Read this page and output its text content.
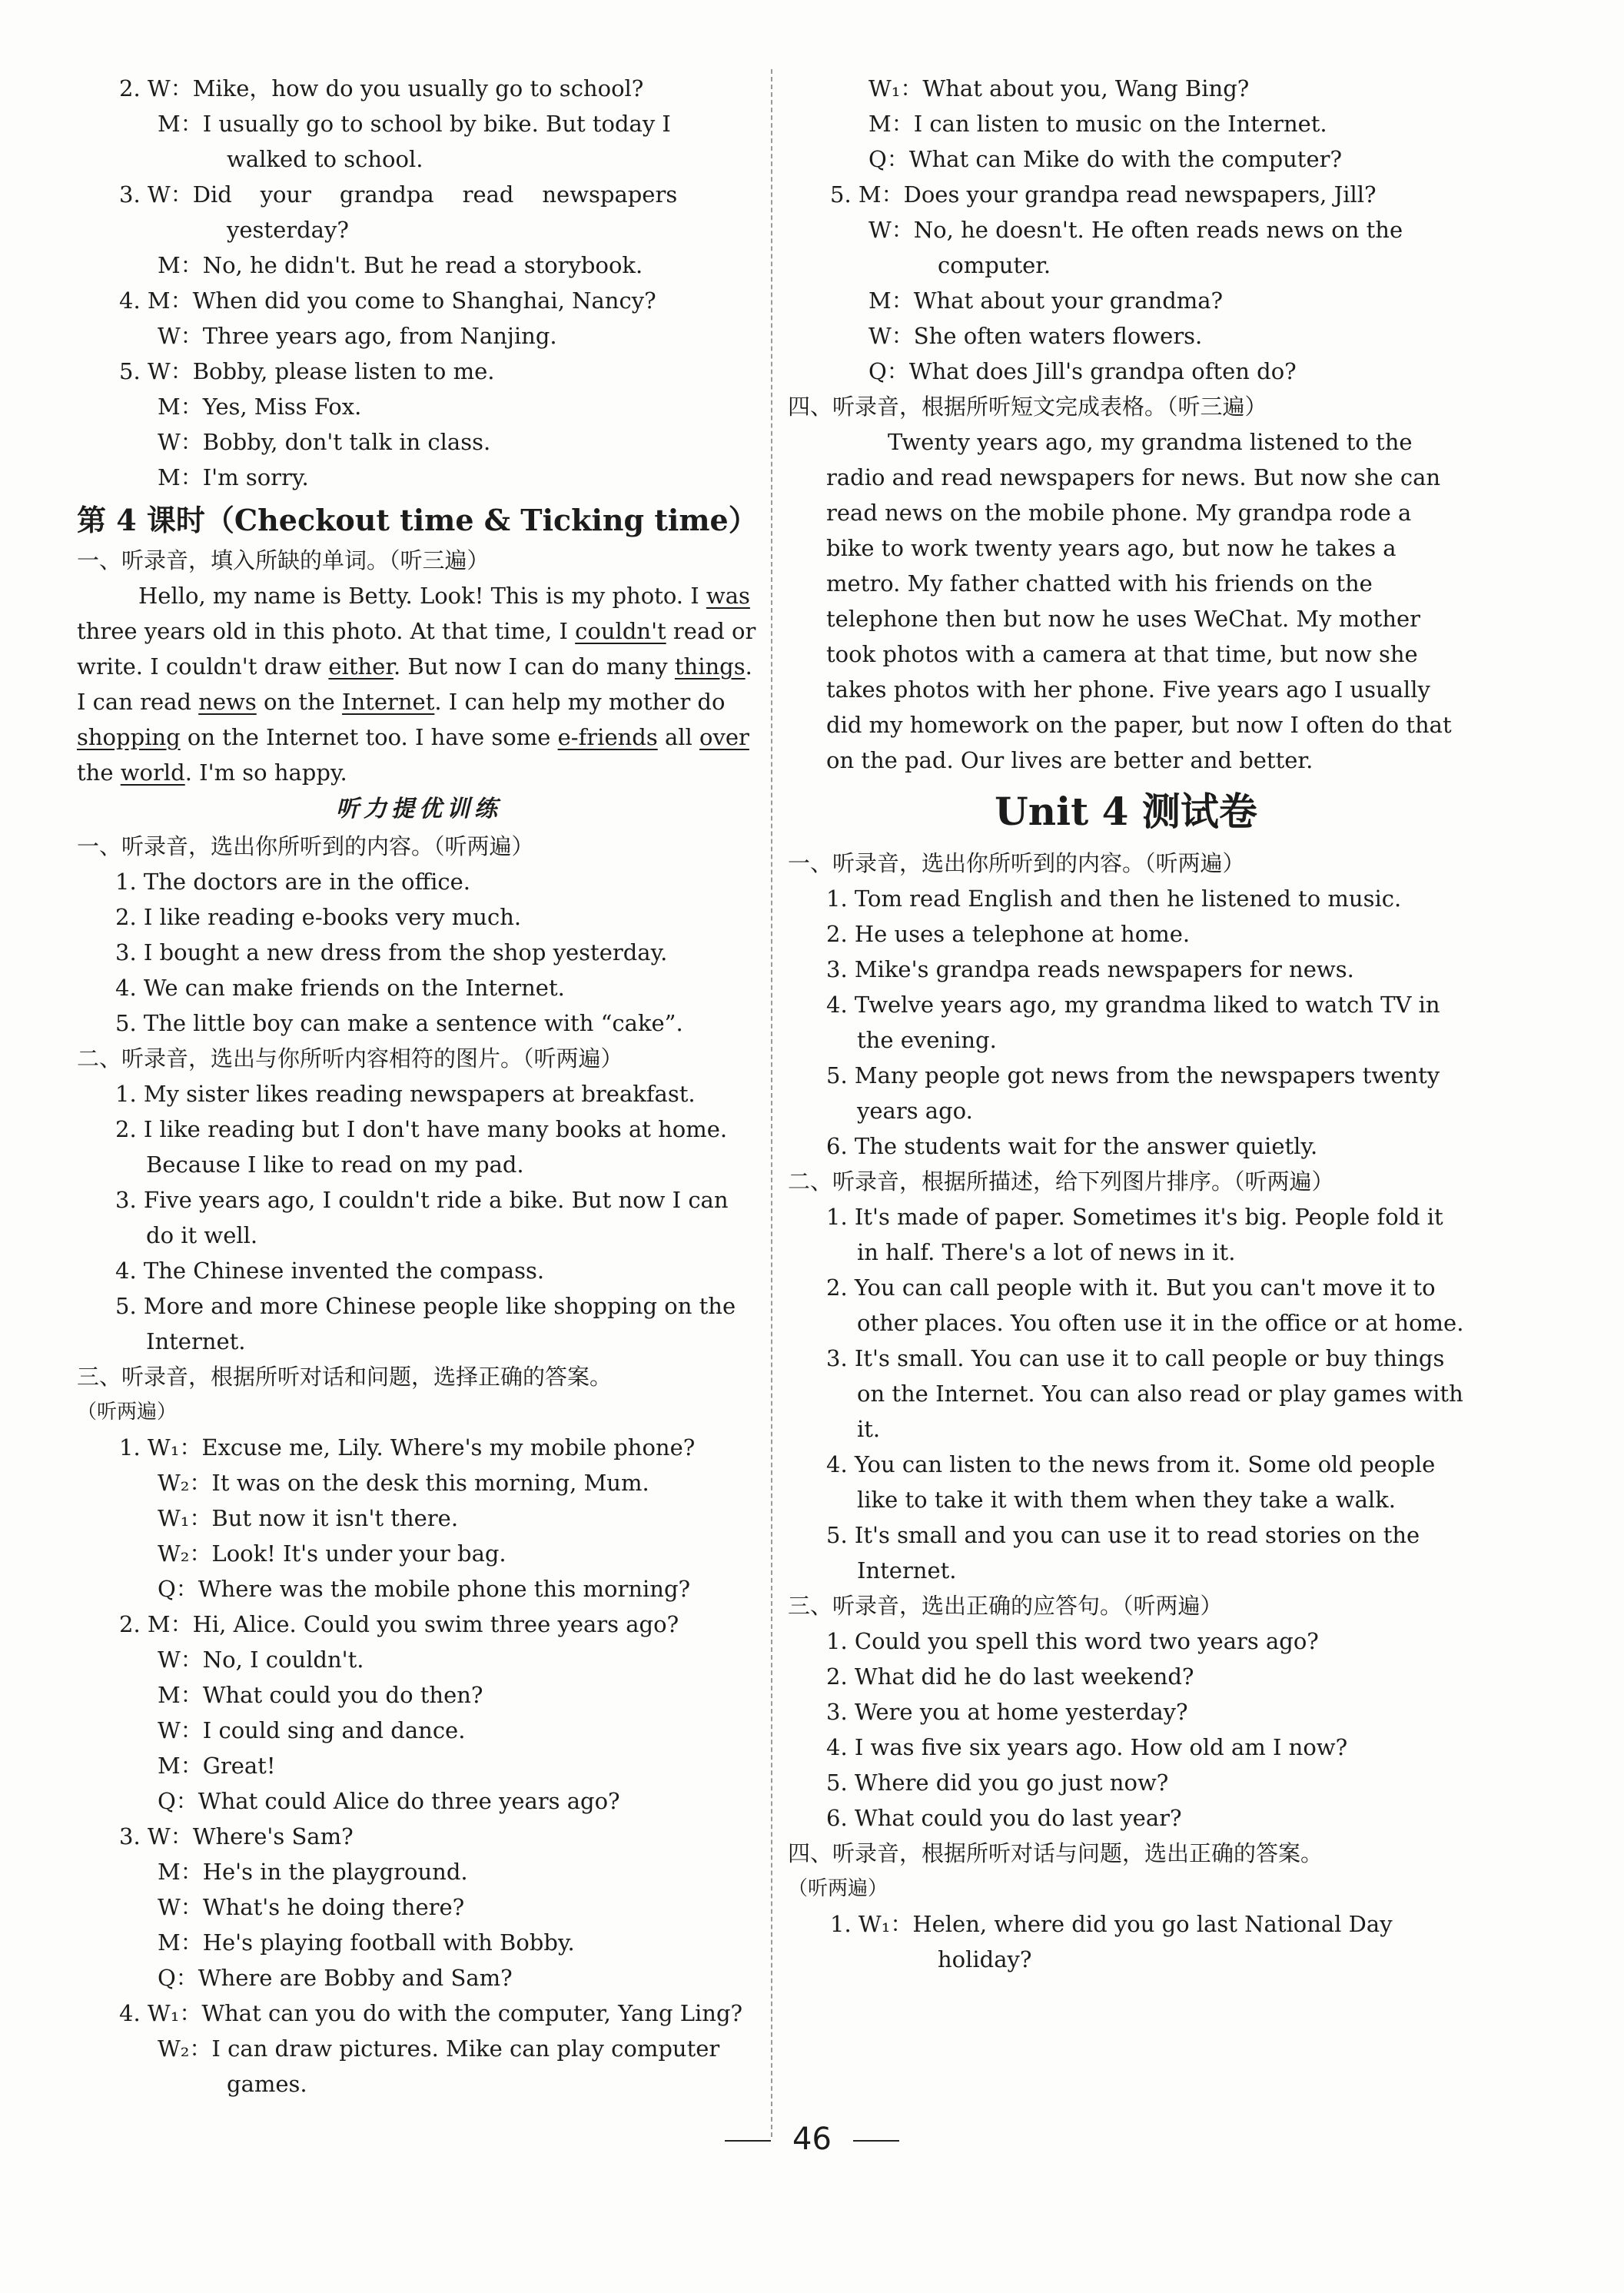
2. W：Mike，how do you usually go to school?
M：I usually go to school by bike. But today I
walked to school.
3. W：Did    your    grandpa    read    newspapers
yesterday?
M：No, he didn't. But he read a storybook.
4. M：When did you come to Shanghai, Nancy?
W：Three years ago, from Nanjing.
5. W：Bobby, please listen to me.
M：Yes, Miss Fox.
W：Bobby, don't talk in class.
M：I'm sorry.
第 4 课时（Checkout time & Ticking time）
一、听录音，填入所缺的单词。（听三遍）
Hello, my name is Betty. Look! This is my photo. I was three years old in this photo. At that time, I couldn't read or write. I couldn't draw either. But now I can do many things. I can read news on the Internet. I can help my mother do shopping on the Internet too. I have some e-friends all over the world. I'm so happy.
听力提优训练
一、听录音，选出你所听到的内容。（听两遍）
1. The doctors are in the office.
2. I like reading e-books very much.
3. I bought a new dress from the shop yesterday.
4. We can make friends on the Internet.
5. The little boy can make a sentence with “cake”.
二、听录音，选出与你所听内容相符的图片。（听两遍）
1. My sister likes reading newspapers at breakfast.
2. I like reading but I don't have many books at home. Because I like to read on my pad.
3. Five years ago, I couldn't ride a bike. But now I can do it well.
4. The Chinese invented the compass.
5. More and more Chinese people like shopping on the Internet.
三、听录音，根据所听对话和问题，选择正确的答案。
（听两遍）
1. W₁：Excuse me, Lily. Where's my mobile phone?
W₂：It was on the desk this morning, Mum.
W₁：But now it isn't there.
W₂：Look! It's under your bag.
Q：Where was the mobile phone this morning?
2. M：Hi, Alice. Could you swim three years ago?
W：No, I couldn't.
M：What could you do then?
W：I could sing and dance.
M：Great!
Q：What could Alice do three years ago?
3. W：Where's Sam?
M：He's in the playground.
W：What's he doing there?
M：He's playing football with Bobby.
Q：Where are Bobby and Sam?
4. W₁：What can you do with the computer, Yang Ling?
W₂：I can draw pictures. Mike can play computer
games.
W₁：What about you, Wang Bing?
M：I can listen to music on the Internet.
Q：What can Mike do with the computer?
5. M：Does your grandpa read newspapers, Jill?
W：No, he doesn't. He often reads news on the
computer.
M：What about your grandma?
W：She often waters flowers.
Q：What does Jill's grandpa often do?
四、听录音，根据所听短文完成表格。（听三遍）
Twenty years ago, my grandma listened to the radio and read newspapers for news. But now she can read news on the mobile phone. My grandpa rode a bike to work twenty years ago, but now he takes a metro. My father chatted with his friends on the telephone then but now he uses WeChat. My mother took photos with a camera at that time, but now she takes photos with her phone. Five years ago I usually did my homework on the paper, but now I often do that on the pad. Our lives are better and better.
Unit 4 测试卷
一、听录音，选出你所听到的内容。（听两遍）
1. Tom read English and then he listened to music.
2. He uses a telephone at home.
3. Mike's grandpa reads newspapers for news.
4. Twelve years ago, my grandma liked to watch TV in the evening.
5. Many people got news from the newspapers twenty years ago.
6. The students wait for the answer quietly.
二、听录音，根据所描述，给下列图片排序。（听两遍）
1. It's made of paper. Sometimes it's big. People fold it in half. There's a lot of news in it.
2. You can call people with it. But you can't move it to other places. You often use it in the office or at home.
3. It's small. You can use it to call people or buy things on the Internet. You can also read or play games with it.
4. You can listen to the news from it. Some old people like to take it with them when they take a walk.
5. It's small and you can use it to read stories on the Internet.
三、听录音，选出正确的应答句。（听两遍）
1. Could you spell this word two years ago?
2. What did he do last weekend?
3. Were you at home yesterday?
4. I was five six years ago. How old am I now?
5. Where did you go just now?
6. What could you do last year?
四、听录音，根据所听对话与问题，选出正确的答案。
（听两遍）
1. W₁：Helen, where did you go last National Day
holiday?
46
